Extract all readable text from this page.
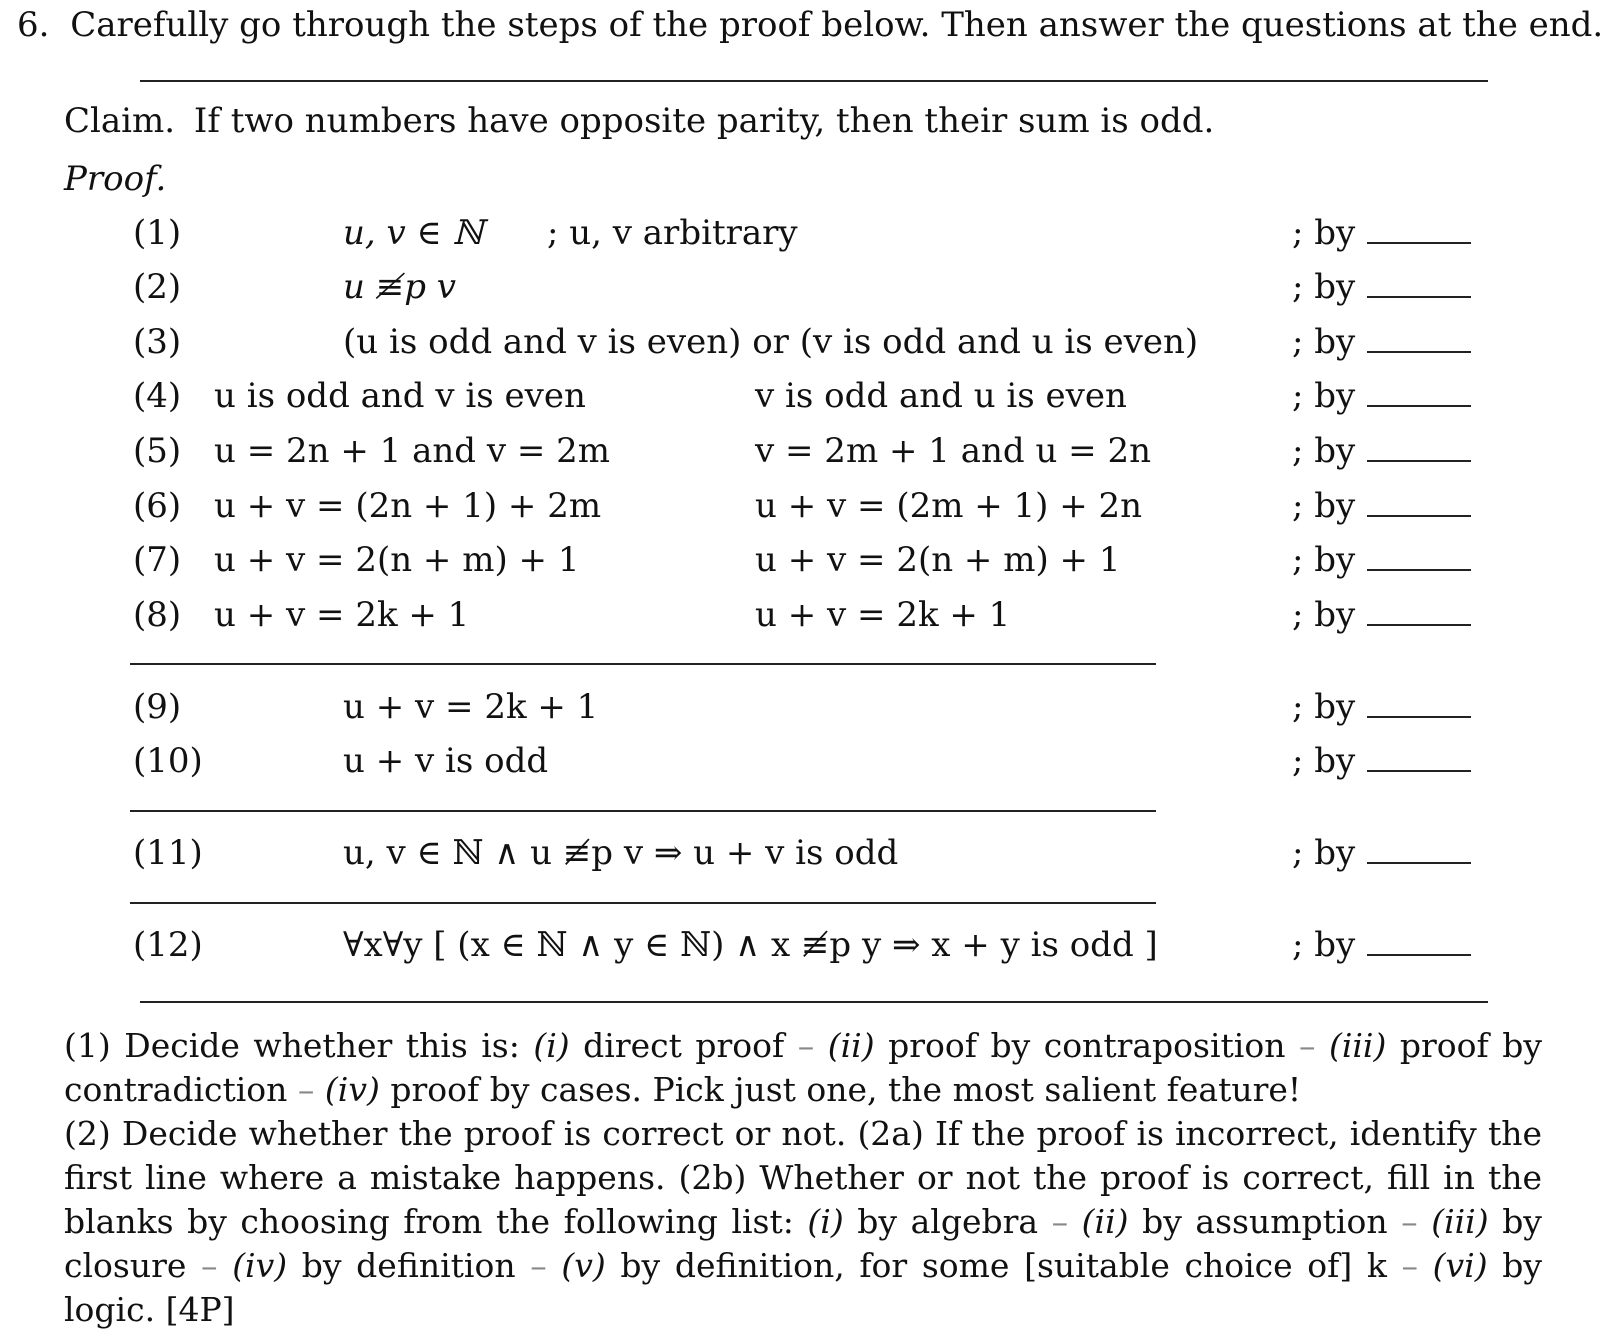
6. Carefully go through the steps of the proof below. Then answer the questions at the end.
Claim. If two numbers have opposite parity, then their sum is odd.
Proof.
(1)	u, v ∈ ℕ ; u, v arbitrary	; by
(2)	u ≢p v	; by
(3)	(u is odd and v is even) or (v is odd and u is even)	; by
(4) u is odd and v is even	v is odd and u is even	; by
(5) u = 2n + 1 and v = 2m	v = 2m + 1 and u = 2n	; by
(6) u + v = (2n + 1) + 2m	u + v = (2m + 1) + 2n	; by
(7) u + v = 2(n + m) + 1	u + v = 2(n + m) + 1	; by
(8) u + v = 2k + 1	u + v = 2k + 1	; by
(9)	u + v = 2k + 1	; by
(10)	u + v is odd	; by
(11)	u, v ∈ ℕ ∧ u ≢p v ⇒ u + v is odd	; by
(12)	∀x∀y [ (x ∈ ℕ ∧ y ∈ ℕ) ∧ x ≢p y ⇒ x + y is odd ]	; by

(1) Decide whether this is: (i) direct proof – (ii) proof by contraposition – (iii) proof by contradiction – (iv) proof by cases. Pick just one, the most salient feature!

(2) Decide whether the proof is correct or not. (2a) If the proof is incorrect, identify the first line where a mistake happens. (2b) Whether or not the proof is correct, fill in the blanks by choosing from the following list: (i) by algebra – (ii) by assumption – (iii) by closure – (iv) by definition – (v) by definition, for some [suitable choice of] k – (vi) by logic. [4P]
